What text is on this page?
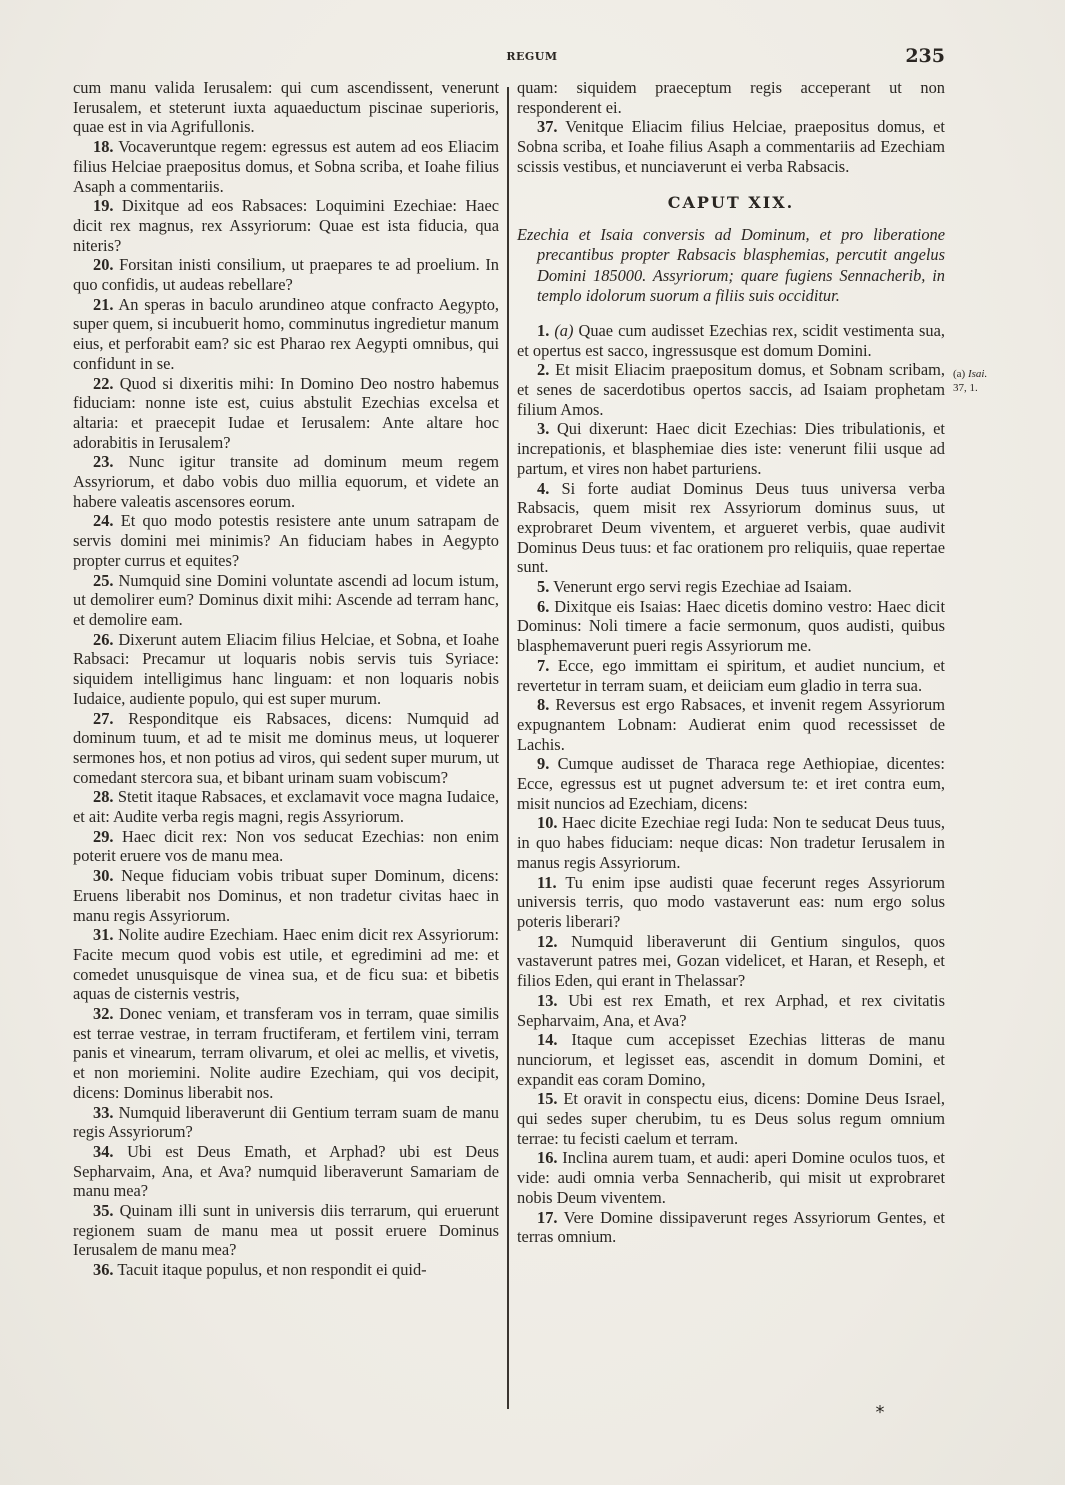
REGUM	235

cum manu valida Ierusalem: qui cum ascendissent, venerunt Ierusalem, et steterunt iuxta aquaeductum piscinae superioris, quae est in via Agrifullonis.

18. Vocaveruntque regem: egressus est autem ad eos Eliacim filius Helciae praepositus domus, et Sobna scriba, et Ioahe filius Asaph a commentariis.

19. Dixitque ad eos Rabsaces: Loquimini Ezechiae: Haec dicit rex magnus, rex Assyriorum: Quae est ista fiducia, qua niteris?

20. Forsitan inisti consilium, ut praepares te ad proelium. In quo confidis, ut audeas rebellare?

21. An speras in baculo arundineo atque confracto Aegypto, super quem, si incubuerit homo, comminutus ingredietur manum eius, et perforabit eam? sic est Pharao rex Aegypti omnibus, qui confidunt in se.

22. Quod si dixeritis mihi: In Domino Deo nostro habemus fiduciam: nonne iste est, cuius abstulit Ezechias excelsa et altaria: et praecepit Iudae et Ierusalem: Ante altare hoc adorabitis in Ierusalem?

23. Nunc igitur transite ad dominum meum regem Assyriorum, et dabo vobis duo millia equorum, et videte an habere valeatis ascensores eorum.

24. Et quo modo potestis resistere ante unum satrapam de servis domini mei minimis? An fiduciam habes in Aegypto propter currus et equites?

25. Numquid sine Domini voluntate ascendi ad locum istum, ut demolirer eum? Dominus dixit mihi: Ascende ad terram hanc, et demolire eam.

26. Dixerunt autem Eliacim filius Helciae, et Sobna, et Ioahe Rabsaci: Precamur ut loquaris nobis servis tuis Syriace: siquidem intelligimus hanc linguam: et non loquaris nobis Iudaice, audiente populo, qui est super murum.

27. Responditque eis Rabsaces, dicens: Numquid ad dominum tuum, et ad te misit me dominus meus, ut loquerer sermones hos, et non potius ad viros, qui sedent super murum, ut comedant stercora sua, et bibant urinam suam vobiscum?

28. Stetit itaque Rabsaces, et exclamavit voce magna Iudaice, et ait: Audite verba regis magni, regis Assyriorum.

29. Haec dicit rex: Non vos seducat Ezechias: non enim poterit eruere vos de manu mea.

30. Neque fiduciam vobis tribuat super Dominum, dicens: Eruens liberabit nos Dominus, et non tradetur civitas haec in manu regis Assyriorum.

31. Nolite audire Ezechiam. Haec enim dicit rex Assyriorum: Facite mecum quod vobis est utile, et egredimini ad me: et comedet unusquisque de vinea sua, et de ficu sua: et bibetis aquas de cisternis vestris,

32. Donec veniam, et transferam vos in terram, quae similis est terrae vestrae, in terram fructiferam, et fertilem vini, terram panis et vinearum, terram olivarum, et olei ac mellis, et vivetis, et non moriemini. Nolite audire Ezechiam, qui vos decipit, dicens: Dominus liberabit nos.

33. Numquid liberaverunt dii Gentium terram suam de manu regis Assyriorum?

34. Ubi est Deus Emath, et Arphad? ubi est Deus Sepharvaim, Ana, et Ava? numquid liberaverunt Samariam de manu mea?

35. Quinam illi sunt in universis diis terrarum, qui eruerunt regionem suam de manu mea ut possit eruere Dominus Ierusalem de manu mea?

36. Tacuit itaque populus, et non respondit ei quid-

quam: siquidem praeceptum regis acceperant ut non responderent ei.

37. Venitque Eliacim filius Helciae, praepositus domus, et Sobna scriba, et Ioahe filius Asaph a commentariis ad Ezechiam scissis vestibus, et nunciaverunt ei verba Rabsacis.

CAPUT XIX.

Ezechia et Isaia conversis ad Dominum, et pro liberatione precantibus propter Rabsacis blasphemias, percutit angelus Domini 185000. Assyriorum; quare fugiens Sennacherib, in templo idolorum suorum a filiis suis occiditur.

1. (a) Quae cum audisset Ezechias rex, scidit vestimenta sua, et opertus est sacco, ingressusque est domum Domini.

2. Et misit Eliacim praepositum domus, et Sobnam scribam, et senes de sacerdotibus opertos saccis, ad Isaiam prophetam filium Amos.

3. Qui dixerunt: Haec dicit Ezechias: Dies tribulationis, et increpationis, et blasphemiae dies iste: venerunt filii usque ad partum, et vires non habet parturiens.

4. Si forte audiat Dominus Deus tuus universa verba Rabsacis, quem misit rex Assyriorum dominus suus, ut exprobraret Deum viventem, et argueret verbis, quae audivit Dominus Deus tuus: et fac orationem pro reliquiis, quae repertae sunt.

5. Venerunt ergo servi regis Ezechiae ad Isaiam.

6. Dixitque eis Isaias: Haec dicetis domino vestro: Haec dicit Dominus: Noli timere a facie sermonum, quos audisti, quibus blasphemaverunt pueri regis Assyriorum me.

7. Ecce, ego immittam ei spiritum, et audiet nuncium, et revertetur in terram suam, et deiiciam eum gladio in terra sua.

8. Reversus est ergo Rabsaces, et invenit regem Assyriorum expugnantem Lobnam: Audierat enim quod recessisset de Lachis.

9. Cumque audisset de Tharaca rege Aethiopiae, dicentes: Ecce, egressus est ut pugnet adversum te: et iret contra eum, misit nuncios ad Ezechiam, dicens:

10. Haec dicite Ezechiae regi Iuda: Non te seducat Deus tuus, in quo habes fiduciam: neque dicas: Non tradetur Ierusalem in manus regis Assyriorum.

11. Tu enim ipse audisti quae fecerunt reges Assyriorum universis terris, quo modo vastaverunt eas: num ergo solus poteris liberari?

12. Numquid liberaverunt dii Gentium singulos, quos vastaverunt patres mei, Gozan videlicet, et Haran, et Reseph, et filios Eden, qui erant in Thelassar?

13. Ubi est rex Emath, et rex Arphad, et rex civitatis Sepharvaim, Ana, et Ava?

14. Itaque cum accepisset Ezechias litteras de manu nunciorum, et legisset eas, ascendit in domum Domini, et expandit eas coram Domino,

15. Et oravit in conspectu eius, dicens: Domine Deus Israel, qui sedes super cherubim, tu es Deus solus regum omnium terrae: tu fecisti caelum et terram.

16. Inclina aurem tuam, et audi: aperi Domine oculos tuos, et vide: audi omnia verba Sennacherib, qui misit ut exprobraret nobis Deum viventem.

17. Vere Domine dissipaverunt reges Assyriorum Gentes, et terras omnium.

(a) Isai.
37, 1.
*
